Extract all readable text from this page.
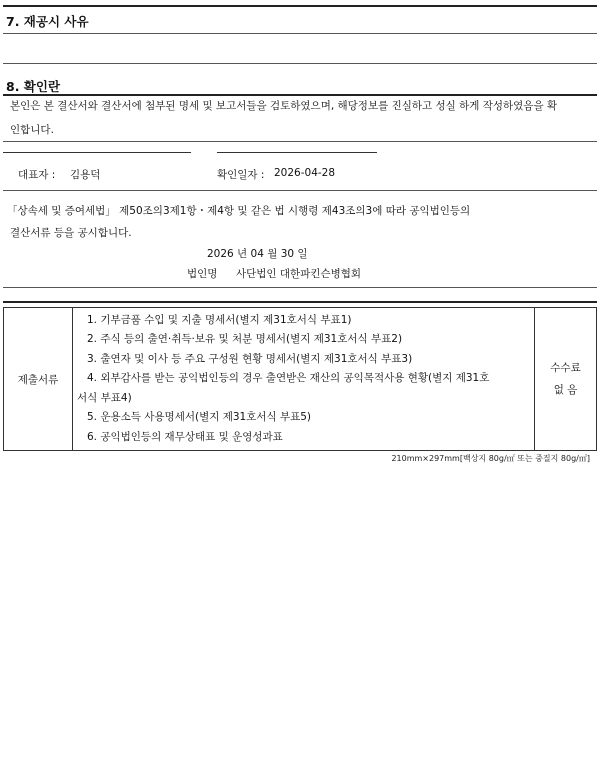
7. 재공시 사유
8. 확인란
본인은 본 결산서와 결산서에 첨부된 명세 및 보고서들을 검토하였으며, 해당정보를 진실하고 성실 하게 작성하였음을 확
인합니다.
대표자 : 김용덕	확인일자 : 2026-04-28
「상속세 및 증여세법」 제50조의3제1항・제4항 및 같은 법 시행령 제43조의3에 따라 공익법인등의
결산서류 등을 공시합니다.
2026 년 04 월 30 일
법인명 사단법인 대한파킨슨병협회
제출서류	
1. 기부금품 수입 및 지출 명세서(별지 제31호서식 부표1)
2. 주식 등의 출연·취득·보유 및 처분 명세서(별지 제31호서식 부표2)
3. 출연자 및 이사 등 주요 구성원 현황 명세서(별지 제31호서식 부표3)
4. 외부감사를 받는 공익법인등의 경우 출연받은 재산의 공익목적사용 현황(별지 제31호
서식 부표4)
5. 운용소득 사용명세서(별지 제31호서식 부표5)
6. 공익법인등의 재무상태표 및 운영성과표

수수료
없 음
210mm×297mm[백상지 80g/㎡ 또는 중질지 80g/㎡]
